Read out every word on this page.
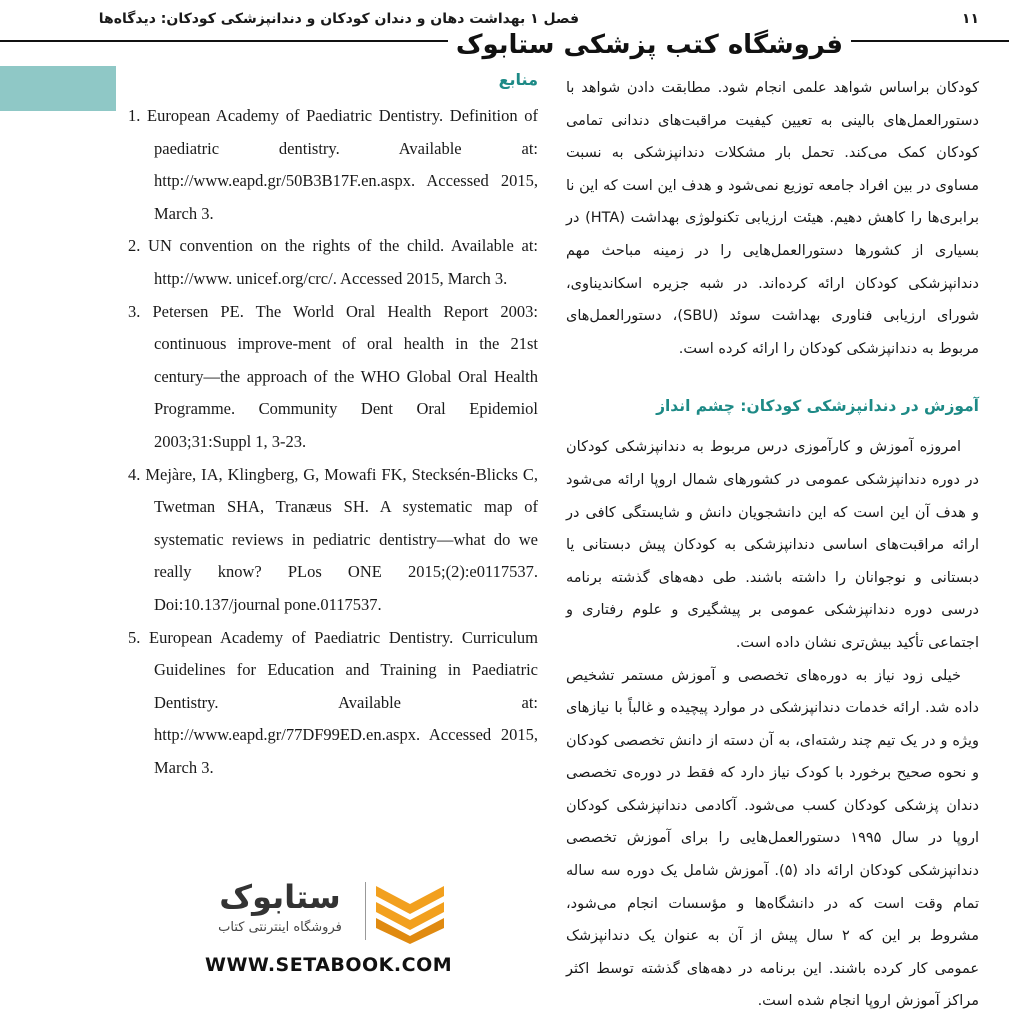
۱۱
فصل ۱ بهداشت دهان و دندان کودکان و دندانپزشکی کودکان: دیدگاه‌ها
فروشگاه کتب پزشکی ستابوک

کودکان براساس شواهد علمی انجام شود. مطابقت دادن شواهد با دستورالعمل‌های بالینی به تعیین کیفیت مراقبت‌های دندانی تمامی کودکان کمک می‌کند. تحمل بار مشکلات دندانپزشکی به نسبت مساوی در بین افراد جامعه توزیع نمی‌شود و هدف این است که این نا برابری‌ها را کاهش دهیم. هیئت ارزیابی تکنولوژی بهداشت (HTA) در بسیاری از کشورها دستورالعمل‌هایی را در زمینه مباحث مهم دندانپزشکی کودکان ارائه کرده‌اند. در شبه جزیره اسکاندیناوی، شورای ارزیابی فناوری بهداشت سوئد (SBU)، دستورالعمل‌های مربوط به دندانپزشکی کودکان را ارائه کرده است.

آموزش در دندانپزشکی کودکان: چشم انداز

امروزه آموزش و کارآموزی درس مربوط به دندانپزشکی کودکان در دوره دندانپزشکی عمومی در کشورهای شمال اروپا ارائه می‌شود و هدف آن این است که این دانشجویان دانش و شایستگی کافی در ارائه مراقبت‌های اساسی دندانپزشکی به کودکان پیش دبستانی یا دبستانی و نوجوانان را داشته باشند. طی دهه‌های گذشته برنامه درسی دوره دندانپزشکی عمومی بر پیشگیری و علوم رفتاری و اجتماعی تأکید بیش‌تری نشان داده است.

خیلی زود نیاز به دوره‌های تخصصی و آموزش مستمر تشخیص داده شد. ارائه خدمات دندانپزشکی در موارد پیچیده و غالباً با نیازهای ویژه و در یک تیم چند رشته‌ای، به آن دسته از دانش تخصصی کودکان و نحوه صحیح برخورد با کودک نیاز دارد که فقط در دوره‌ی تخصصی دندان پزشکی کودکان کسب می‌شود. آکادمی دندانپزشکی کودکان اروپا در سال ۱۹۹۵ دستورالعمل‌هایی را برای آموزش تخصصی دندانپزشکی کودکان ارائه داد (۵). آموزش شامل یک دوره سه ساله تمام وقت است که در دانشگاه‌ها و مؤسسات انجام می‌شود، مشروط بر این که ۲ سال پیش از آن به عنوان یک دندانپزشک عمومی کار کرده باشند. این برنامه در دهه‌های گذشته توسط اکثر مراکز آموزش اروپا انجام شده است.

منابع
1. European Academy of Paediatric Dentistry. Definition of paediatric dentistry. Available at: http://www.eapd.gr/50B3B17F.en.aspx. Accessed 2015, March 3.
2. UN convention on the rights of the child. Available at: http://www. unicef.org/crc/. Accessed 2015, March 3.
3. Petersen PE. The World Oral Health Report 2003: continuous improve-ment of oral health in the 21st century—the approach of the WHO Global Oral Health Programme. Community Dent Oral Epidemiol 2003;31:Suppl 1, 3-23.
4. Mejàre, IA, Klingberg, G, Mowafi FK, Stecksén-Blicks C, Twetman SHA, Tranæus SH. A systematic map of systematic reviews in pediatric dentistry—what do we really know? PLos ONE 2015;(2):e0117537. Doi:10.137/journal pone.0117537.
5. European Academy of Paediatric Dentistry. Curriculum Guidelines for Education and Training in Paediatric Dentistry. Available at: http://www.eapd.gr/77DF99ED.en.aspx. Accessed 2015, March 3.
ستابوک
فروشگاه اینترنتی کتاب
WWW.SETABOOK.COM
